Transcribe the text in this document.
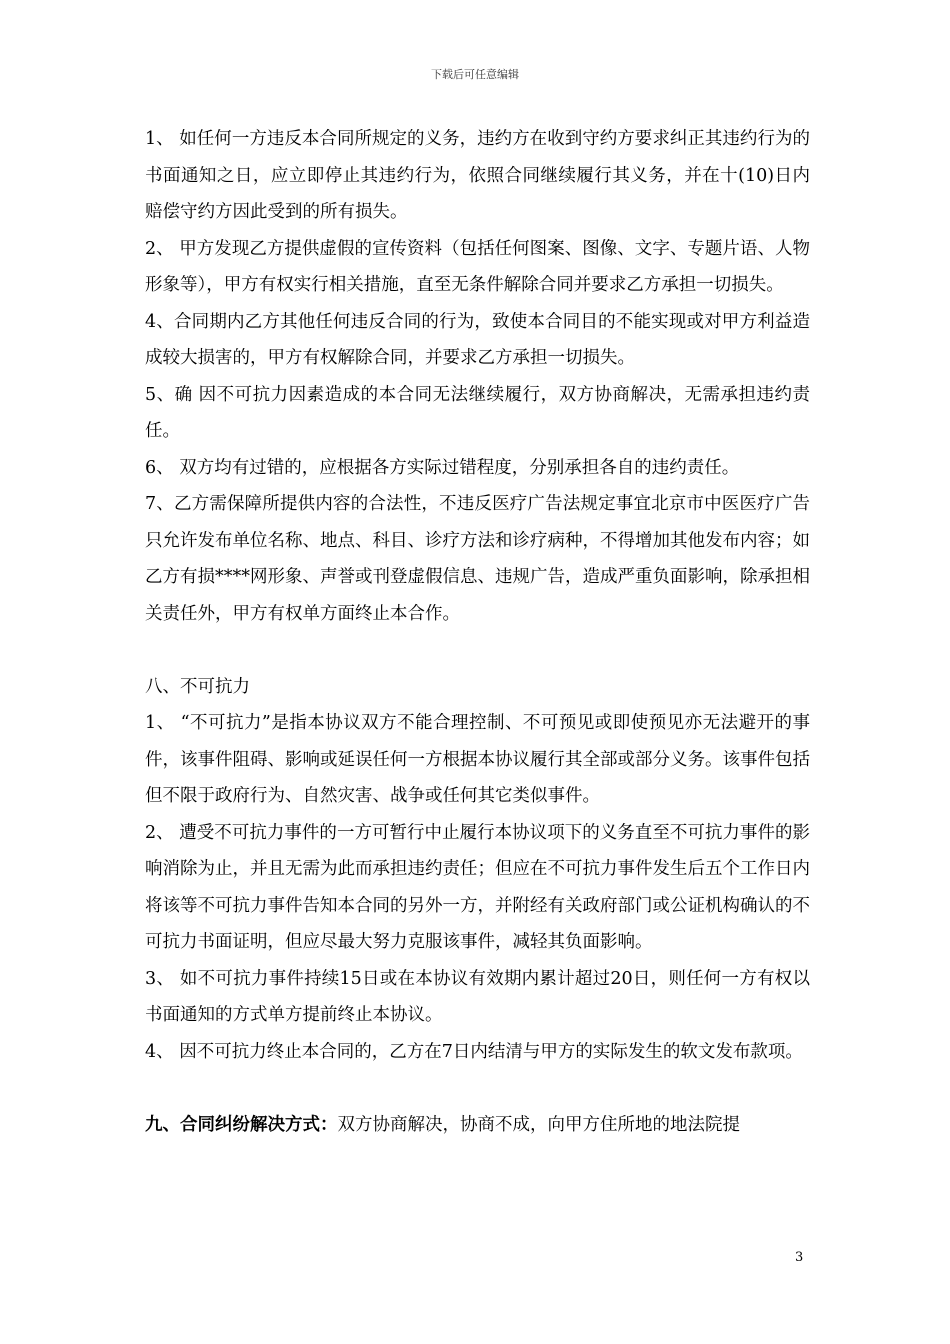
下载后可任意编辑

1、 如任何一方违反本合同所规定的义务，违约方在收到守约方要求纠正其违约行为的书面通知之日，应立即停止其违约行为，依照合同继续履行其义务，并在十(10)日内赔偿守约方因此受到的所有损失。

2、 甲方发现乙方提供虚假的宣传资料（包括任何图案、图像、文字、专题片语、人物形象等），甲方有权实行相关措施，直至无条件解除合同并要求乙方承担一切损失。

4、合同期内乙方其他任何违反合同的行为，致使本合同目的不能实现或对甲方利益造成较大损害的，甲方有权解除合同，并要求乙方承担一切损失。

5、确 因不可抗力因素造成的本合同无法继续履行，双方协商解决，无需承担违约责任。

6、 双方均有过错的，应根据各方实际过错程度，分别承担各自的违约责任。

7、乙方需保障所提供内容的合法性，不违反医疗广告法规定事宜北京市中医医疗广告只允许发布单位名称、地点、科目、诊疗方法和诊疗病种，不得增加其他发布内容；如乙方有损****网形象、声誉或刊登虚假信息、违规广告，造成严重负面影响，除承担相关责任外，甲方有权单方面终止本合作。

八、不可抗力

1、 “不可抗力”是指本协议双方不能合理控制、不可预见或即使预见亦无法避开的事件，该事件阻碍、影响或延误任何一方根据本协议履行其全部或部分义务。该事件包括但不限于政府行为、自然灾害、战争或任何其它类似事件。

2、 遭受不可抗力事件的一方可暂行中止履行本协议项下的义务直至不可抗力事件的影响消除为止，并且无需为此而承担违约责任；但应在不可抗力事件发生后五个工作日内将该等不可抗力事件告知本合同的另外一方，并附经有关政府部门或公证机构确认的不可抗力书面证明，但应尽最大努力克服该事件，减轻其负面影响。

3、 如不可抗力事件持续15日或在本协议有效期内累计超过20日，则任何一方有权以书面通知的方式单方提前终止本协议。

4、 因不可抗力终止本合同的，乙方在7日内结清与甲方的实际发生的软文发布款项。

九、合同纠纷解决方式：双方协商解决，协商不成，向甲方住所地的地法院提

3
